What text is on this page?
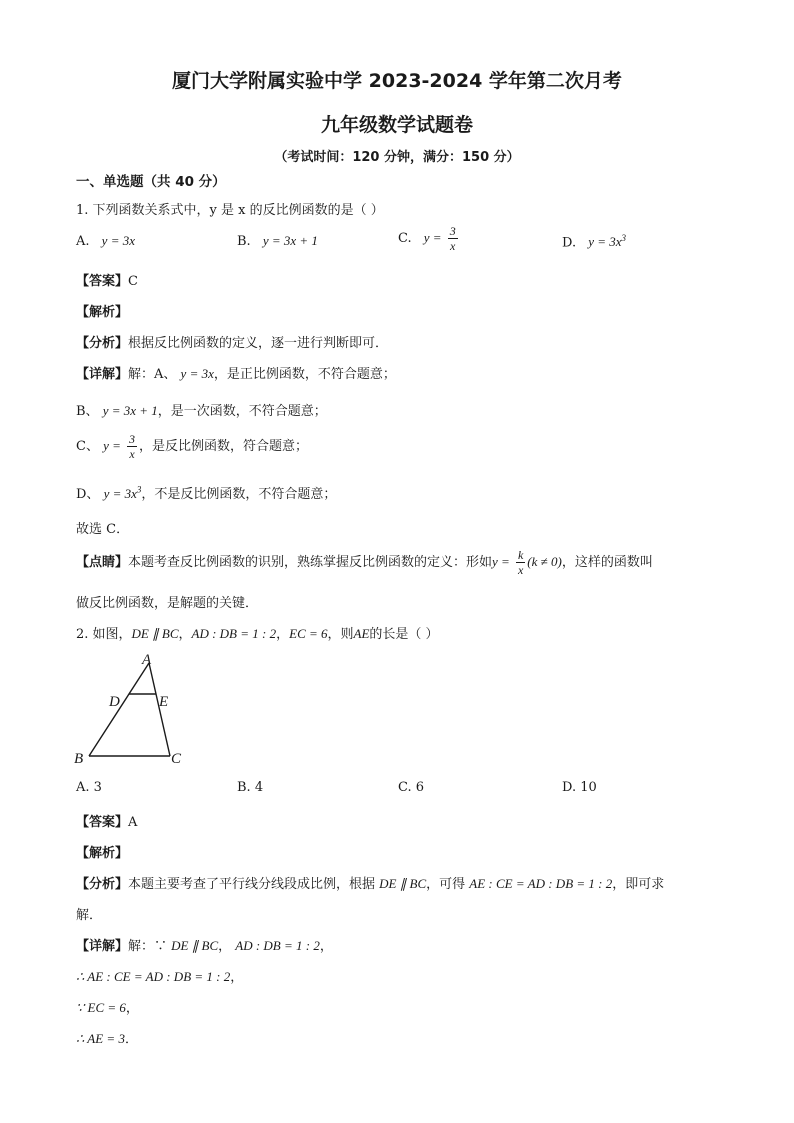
厦门大学附属实验中学 2023-2024 学年第二次月考
九年级数学试题卷
（考试时间：120 分钟，满分：150 分）
一、单选题（共 40 分）
1. 下列函数关系式中，y 是 x 的反比例函数的是（ ）
A. y = 3x	B. y = 3x + 1	C. $y = \frac{3}{x}$	D. $y = 3x^3$
【答案】C
【解析】
【分析】根据反比例函数的定义，逐一进行判断即可．
【详解】解：A、 y = 3x，是正比例函数，不符合题意；
B、 y = 3x + 1，是一次函数，不符合题意；
C、 $y = \frac{3}{x}$ ，是反比例函数，符合题意；
D、 $y = 3x^3$，不是反比例函数，不符合题意；
故选 C．
【点睛】本题考查反比例函数的识别，熟练掌握反比例函数的定义：形如$y = \frac{k}{x} (k \ne 0)$，这样的函数叫
做反比例函数，是解题的关键．
2. 如图，DE ∥ BC，AD : DB = 1 : 2，EC = 6，则AE的长是（ ）
A
D	E
B	C
A. 3	B. 4	C. 6	D. 10
【答案】A
【解析】
【分析】本题主要考查了平行线分线段成比例，根据 DE ∥ BC，可得 AE : CE = AD : DB = 1 : 2，即可求
解．
【详解】解：∵ DE ∥ BC， AD : DB = 1 : 2，
∴ AE : CE = AD : DB = 1 : 2，
∵ EC = 6，
∴ AE = 3．
